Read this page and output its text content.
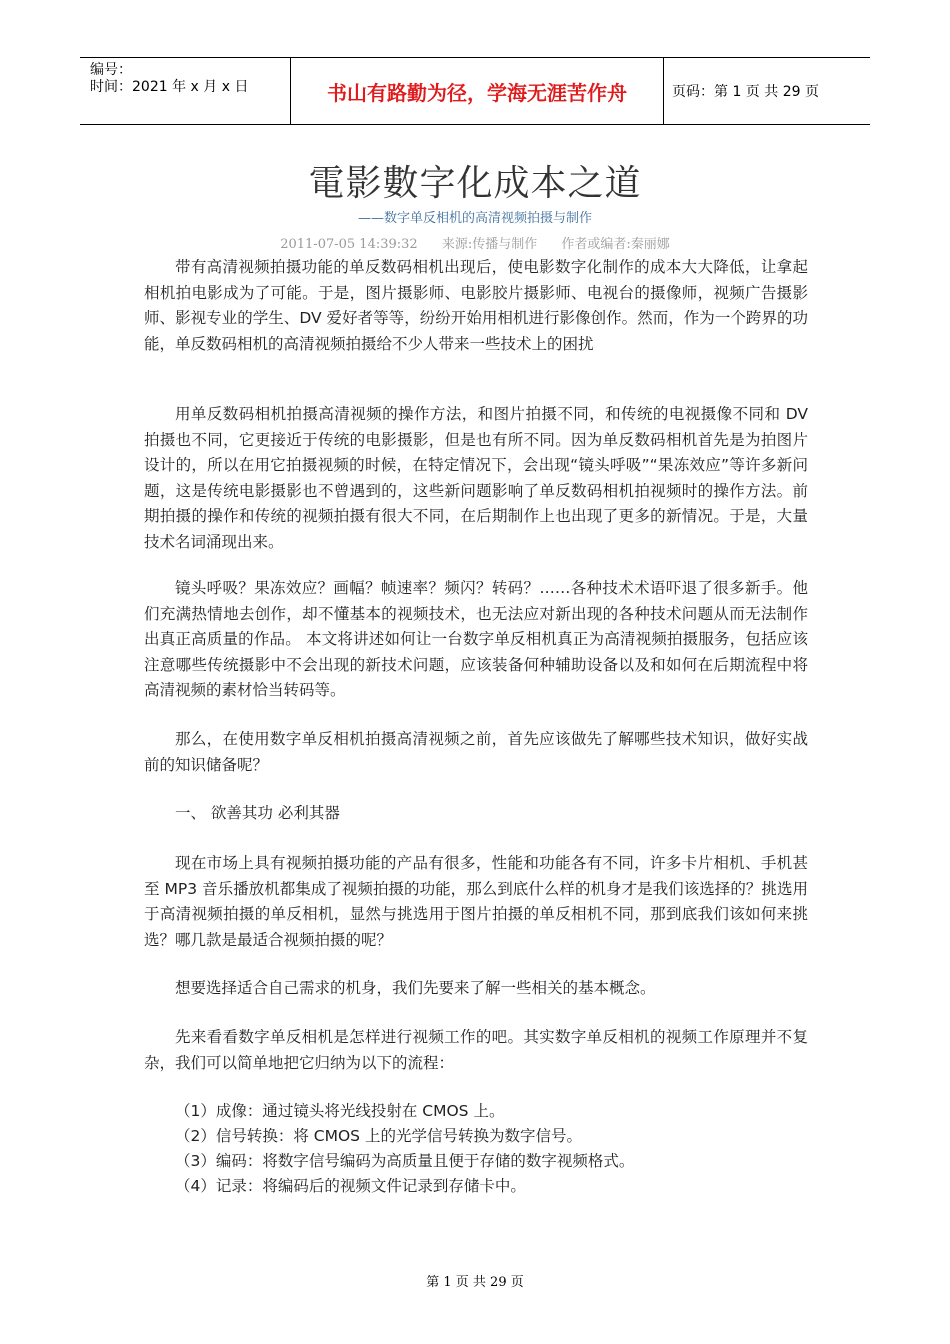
编号：
时间：2021 年 x 月 x 日	书山有路勤为径，学海无涯苦作舟	页码：第 1 页 共 29 页
電影數字化成本之道
——数字单反相机的高清视频拍摄与制作
2011-07-05 14:39:32 来源:传播与制作 作者或编者:秦丽娜

带有高清视频拍摄功能的单反数码相机出现后，使电影数字化制作的成本大大降低，让拿起相机拍电影成为了可能。于是，图片摄影师、电影胶片摄影师、电视台的摄像师，视频广告摄影师、影视专业的学生、DV 爱好者等等，纷纷开始用相机进行影像创作。然而，作为一个跨界的功能，单反数码相机的高清视频拍摄给不少人带来一些技术上的困扰

用单反数码相机拍摄高清视频的操作方法，和图片拍摄不同，和传统的电视摄像不同和 DV 拍摄也不同，它更接近于传统的电影摄影，但是也有所不同。因为单反数码相机首先是为拍图片设计的，所以在用它拍摄视频的时候，在特定情况下，会出现“镜头呼吸”“果冻效应”等许多新问题，这是传统电影摄影也不曾遇到的，这些新问题影响了单反数码相机拍视频时的操作方法。前期拍摄的操作和传统的视频拍摄有很大不同，在后期制作上也出现了更多的新情况。于是，大量技术名词涌现出来。

镜头呼吸？果冻效应？画幅？帧速率？频闪？转码？……各种技术术语吓退了很多新手。他们充满热情地去创作，却不懂基本的视频技术，也无法应对新出现的各种技术问题从而无法制作出真正高质量的作品。 本文将讲述如何让一台数字单反相机真正为高清视频拍摄服务，包括应该注意哪些传统摄影中不会出现的新技术问题，应该装备何种辅助设备以及和如何在后期流程中将高清视频的素材恰当转码等。

那么，在使用数字单反相机拍摄高清视频之前，首先应该做先了解哪些技术知识，做好实战前的知识储备呢？

一、 欲善其功 必利其器

现在市场上具有视频拍摄功能的产品有很多，性能和功能各有不同，许多卡片相机、手机甚至 MP3 音乐播放机都集成了视频拍摄的功能，那么到底什么样的机身才是我们该选择的？挑选用于高清视频拍摄的单反相机，显然与挑选用于图片拍摄的单反相机不同，那到底我们该如何来挑选？哪几款是最适合视频拍摄的呢？

想要选择适合自己需求的机身，我们先要来了解一些相关的基本概念。

先来看看数字单反相机是怎样进行视频工作的吧。其实数字单反相机的视频工作原理并不复杂，我们可以简单地把它归纳为以下的流程：

（1）成像：通过镜头将光线投射在 CMOS 上。

（2）信号转换：将 CMOS 上的光学信号转换为数字信号。

（3）编码：将数字信号编码为高质量且便于存储的数字视频格式。

（4）记录：将编码后的视频文件记录到存储卡中。

第 1 页 共 29 页
